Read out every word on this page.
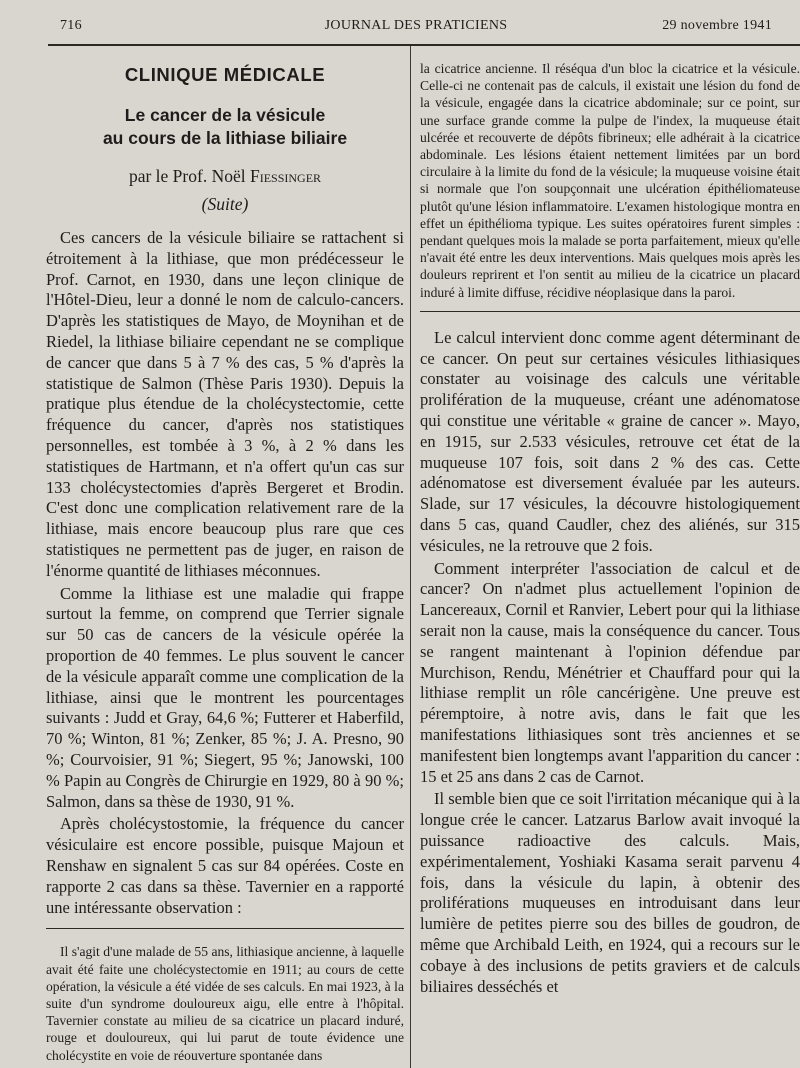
716	JOURNAL DES PRATICIENS	29 novembre 1941
CLINIQUE MÉDICALE
Le cancer de la vésicule
au cours de la lithiase biliaire
par le Prof. Noël Fiessinger
(Suite)

Ces cancers de la vésicule biliaire se rattachent si étroitement à la lithiase, que mon prédécesseur le Prof. Carnot, en 1930, dans une leçon clinique de l'Hôtel-Dieu, leur a donné le nom de calculo-cancers. D'après les statistiques de Mayo, de Moynihan et de Riedel, la lithiase biliaire cependant ne se complique de cancer que dans 5 à 7 % des cas, 5 % d'après la statistique de Salmon (Thèse Paris 1930). Depuis la pratique plus étendue de la cholécystectomie, cette fréquence du cancer, d'après nos statistiques personnelles, est tombée à 3 %, à 2 % dans les statistiques de Hartmann, et n'a offert qu'un cas sur 133 cholécystectomies d'après Bergeret et Brodin. C'est donc une complication relativement rare de la lithiase, mais encore beaucoup plus rare que ces statistiques ne permettent pas de juger, en raison de l'énorme quantité de lithiases méconnues.

Comme la lithiase est une maladie qui frappe surtout la femme, on comprend que Terrier signale sur 50 cas de cancers de la vésicule opérée la proportion de 40 femmes. Le plus souvent le cancer de la vésicule apparaît comme une complication de la lithiase, ainsi que le montrent les pourcentages suivants : Judd et Gray, 64,6 %; Futterer et Haberfild, 70 %; Winton, 81 %; Zenker, 85 %; J. A. Presno, 90 %; Courvoisier, 91 %; Siegert, 95 %; Janowski, 100 % Papin au Congrès de Chirurgie en 1929, 80 à 90 %; Salmon, dans sa thèse de 1930, 91 %.

Après cholécystostomie, la fréquence du cancer vésiculaire est encore possible, puisque Majoun et Renshaw en signalent 5 cas sur 84 opérées. Coste en rapporte 2 cas dans sa thèse. Tavernier en a rapporté une intéressante observation :

Il s'agit d'une malade de 55 ans, lithiasique ancienne, à laquelle avait été faite une cholécystectomie en 1911; au cours de cette opération, la vésicule a été vidée de ses calculs. En mai 1923, à la suite d'un syndrome douloureux aigu, elle entre à l'hôpital. Tavernier constate au milieu de sa cicatrice un placard induré, rouge et douloureux, qui lui parut de toute évidence une cholécystite en voie de réouverture spontanée dans

la cicatrice ancienne. Il réséqua d'un bloc la cicatrice et la vésicule. Celle-ci ne contenait pas de calculs, il existait une lésion du fond de la vésicule, engagée dans la cicatrice abdominale; sur ce point, sur une surface grande comme la pulpe de l'index, la muqueuse était ulcérée et recouverte de dépôts fibrineux; elle adhérait à la cicatrice abdominale. Les lésions étaient nettement limitées par un bord circulaire à la limite du fond de la vésicule; la muqueuse voisine était si normale que l'on soupçonnait une ulcération épithéliomateuse plutôt qu'une lésion inflammatoire. L'examen histologique montra en effet un épithélioma typique. Les suites opératoires furent simples : pendant quelques mois la malade se porta parfaitement, mieux qu'elle n'avait été entre les deux interventions. Mais quelques mois après les douleurs reprirent et l'on sentit au milieu de la cicatrice un placard induré à limite diffuse, récidive néoplasique dans la paroi.

Le calcul intervient donc comme agent déterminant de ce cancer. On peut sur certaines vésicules lithiasiques constater au voisinage des calculs une véritable prolifération de la muqueuse, créant une adénomatose qui constitue une véritable « graine de cancer ». Mayo, en 1915, sur 2.533 vésicules, retrouve cet état de la muqueuse 107 fois, soit dans 2 % des cas. Cette adénomatose est diversement évaluée par les auteurs. Slade, sur 17 vésicules, la découvre histologiquement dans 5 cas, quand Caudler, chez des aliénés, sur 315 vésicules, ne la retrouve que 2 fois.

Comment interpréter l'association de calcul et de cancer? On n'admet plus actuellement l'opinion de Lancereaux, Cornil et Ranvier, Lebert pour qui la lithiase serait non la cause, mais la conséquence du cancer. Tous se rangent maintenant à l'opinion défendue par Murchison, Rendu, Ménétrier et Chauffard pour qui la lithiase remplit un rôle cancérigène. Une preuve est péremptoire, à notre avis, dans le fait que les manifestations lithiasiques sont très anciennes et se manifestent bien longtemps avant l'apparition du cancer : 15 et 25 ans dans 2 cas de Carnot.

Il semble bien que ce soit l'irritation mécanique qui à la longue crée le cancer. Latzarus Barlow avait invoqué la puissance radioactive des calculs. Mais, expérimentalement, Yoshiaki Kasama serait parvenu 4 fois, dans la vésicule du lapin, à obtenir des proliférations muqueuses en introduisant dans leur lumière de petites pierre sou des billes de goudron, de même que Archibald Leith, en 1924, qui a recours sur le cobaye à des inclusions de petits graviers et de calculs biliaires desséchés et
